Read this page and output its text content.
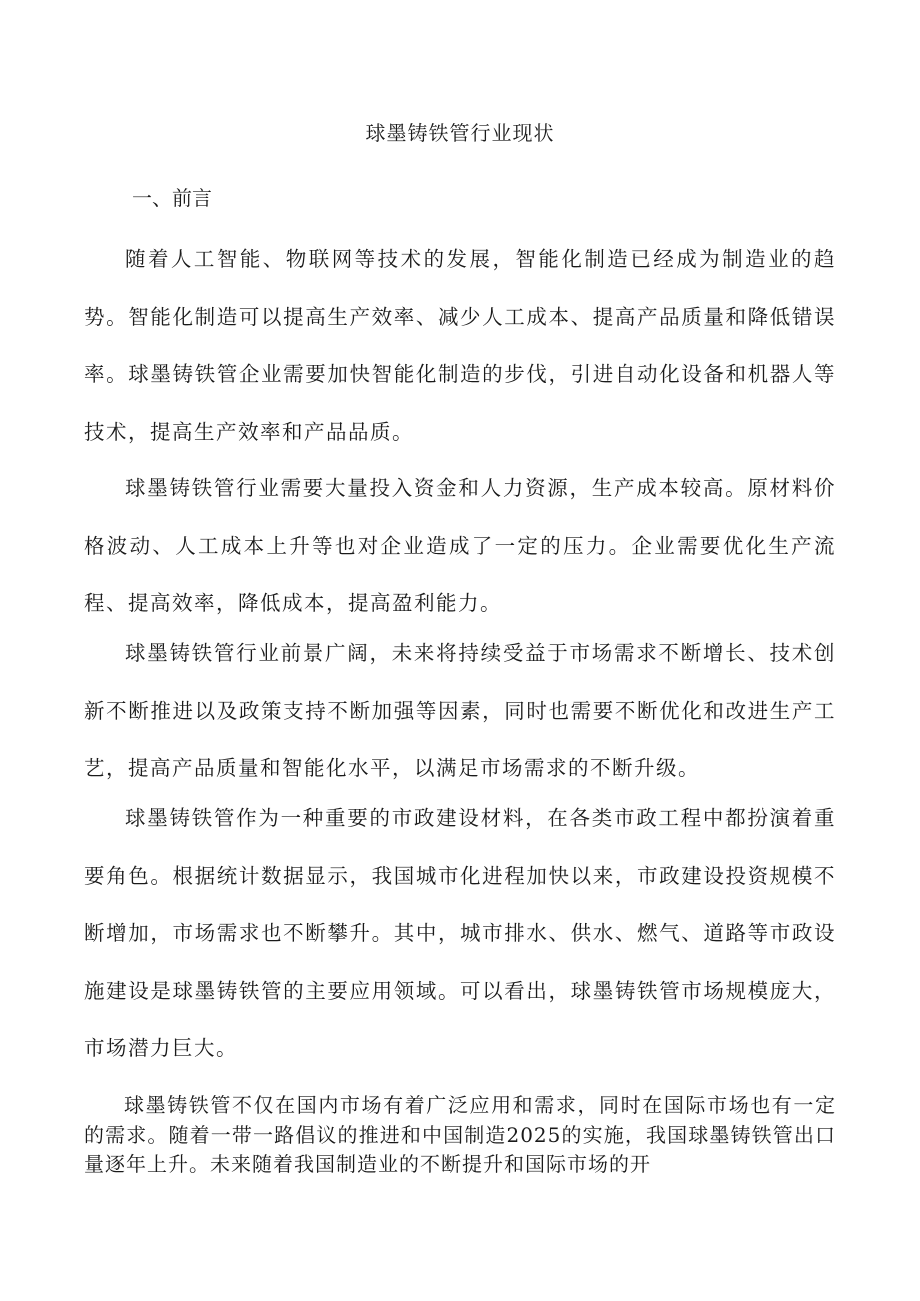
球墨铸铁管行业现状
一、前言

随着人工智能、物联网等技术的发展，智能化制造已经成为制造业的趋势。智能化制造可以提高生产效率、减少人工成本、提高产品质量和降低错误率。球墨铸铁管企业需要加快智能化制造的步伐，引进自动化设备和机器人等技术，提高生产效率和产品品质。

球墨铸铁管行业需要大量投入资金和人力资源，生产成本较高。原材料价格波动、人工成本上升等也对企业造成了一定的压力。企业需要优化生产流程、提高效率，降低成本，提高盈利能力。

球墨铸铁管行业前景广阔，未来将持续受益于市场需求不断增长、技术创新不断推进以及政策支持不断加强等因素，同时也需要不断优化和改进生产工艺，提高产品质量和智能化水平，以满足市场需求的不断升级。

球墨铸铁管作为一种重要的市政建设材料，在各类市政工程中都扮演着重要角色。根据统计数据显示，我国城市化进程加快以来，市政建设投资规模不断增加，市场需求也不断攀升。其中，城市排水、供水、燃气、道路等市政设施建设是球墨铸铁管的主要应用领域。可以看出，球墨铸铁管市场规模庞大，市场潜力巨大。

球墨铸铁管不仅在国内市场有着广泛应用和需求，同时在国际市场也有一定的需求。随着一带一路倡议的推进和中国制造2025的实施，我国球墨铸铁管出口量逐年上升。未来随着我国制造业的不断提升和国际市场的开
